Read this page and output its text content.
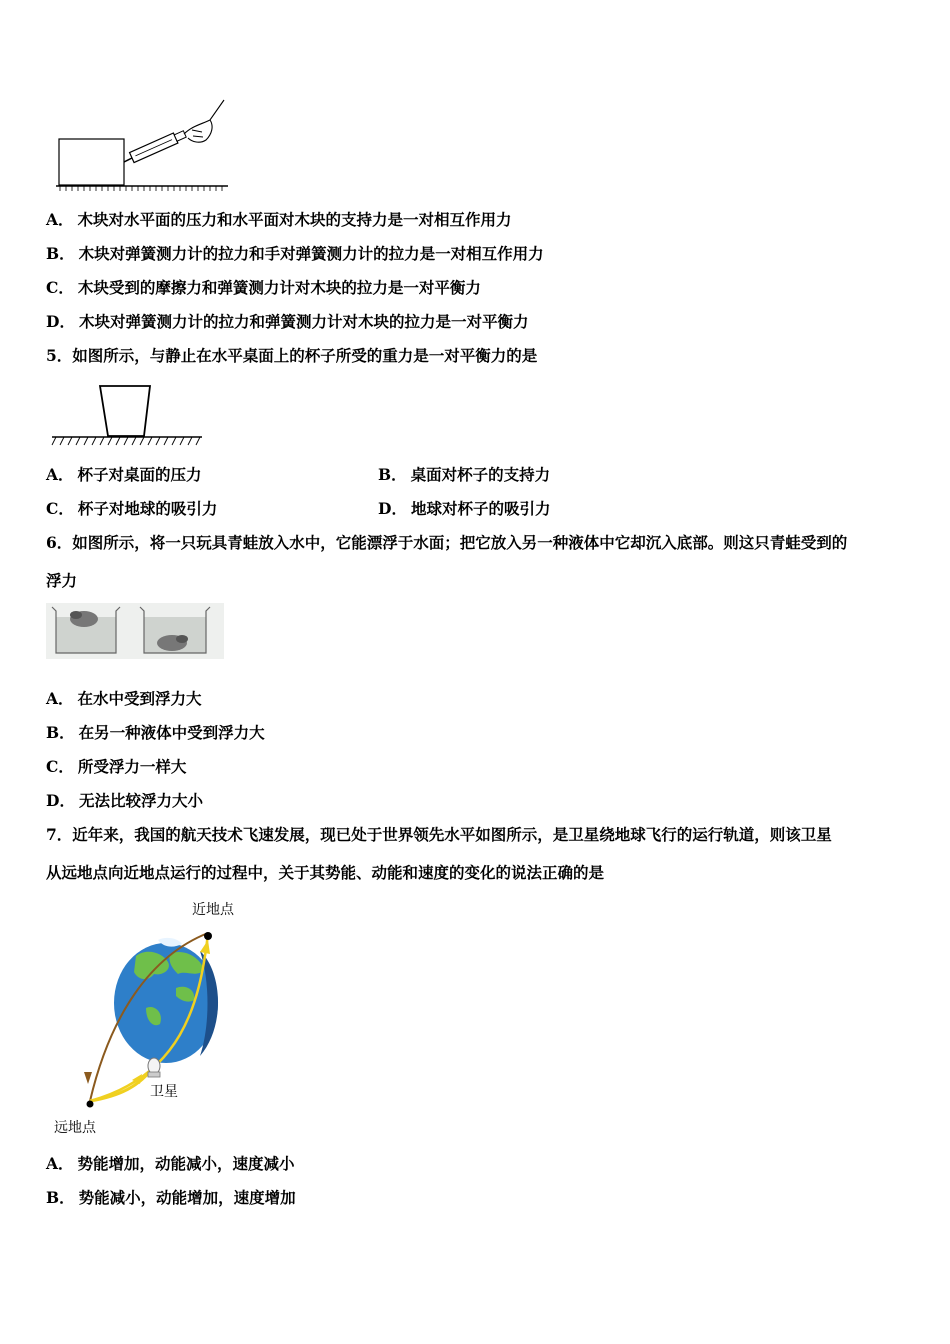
A． 木块对水平面的压力和水平面对木块的支持力是一对相互作用力
B． 木块对弹簧测力计的拉力和手对弹簧测力计的拉力是一对相互作用力
C． 木块受到的摩擦力和弹簧测力计对木块的拉力是一对平衡力
D． 木块对弹簧测力计的拉力和弹簧测力计对木块的拉力是一对平衡力
5．如图所示，与静止在水平桌面上的杯子所受的重力是一对平衡力的是
A． 杯子对桌面的压力	B． 桌面对杯子的支持力
C． 杯子对地球的吸引力	D． 地球对杯子的吸引力
6．如图所示，将一只玩具青蛙放入水中，它能漂浮于水面；把它放入另一种液体中它却沉入底部。则这只青蛙受到的
浮力
A． 在水中受到浮力大
B． 在另一种液体中受到浮力大
C． 所受浮力一样大
D． 无法比较浮力大小
7．近年来，我国的航天技术飞速发展，现已处于世界领先水平如图所示，是卫星绕地球飞行的运行轨道，则该卫星
从远地点向近地点运行的过程中，关于其势能、动能和速度的变化的说法正确的是
近地点
卫星
远地点
A． 势能增加，动能减小，速度减小
B． 势能减小，动能增加，速度增加
